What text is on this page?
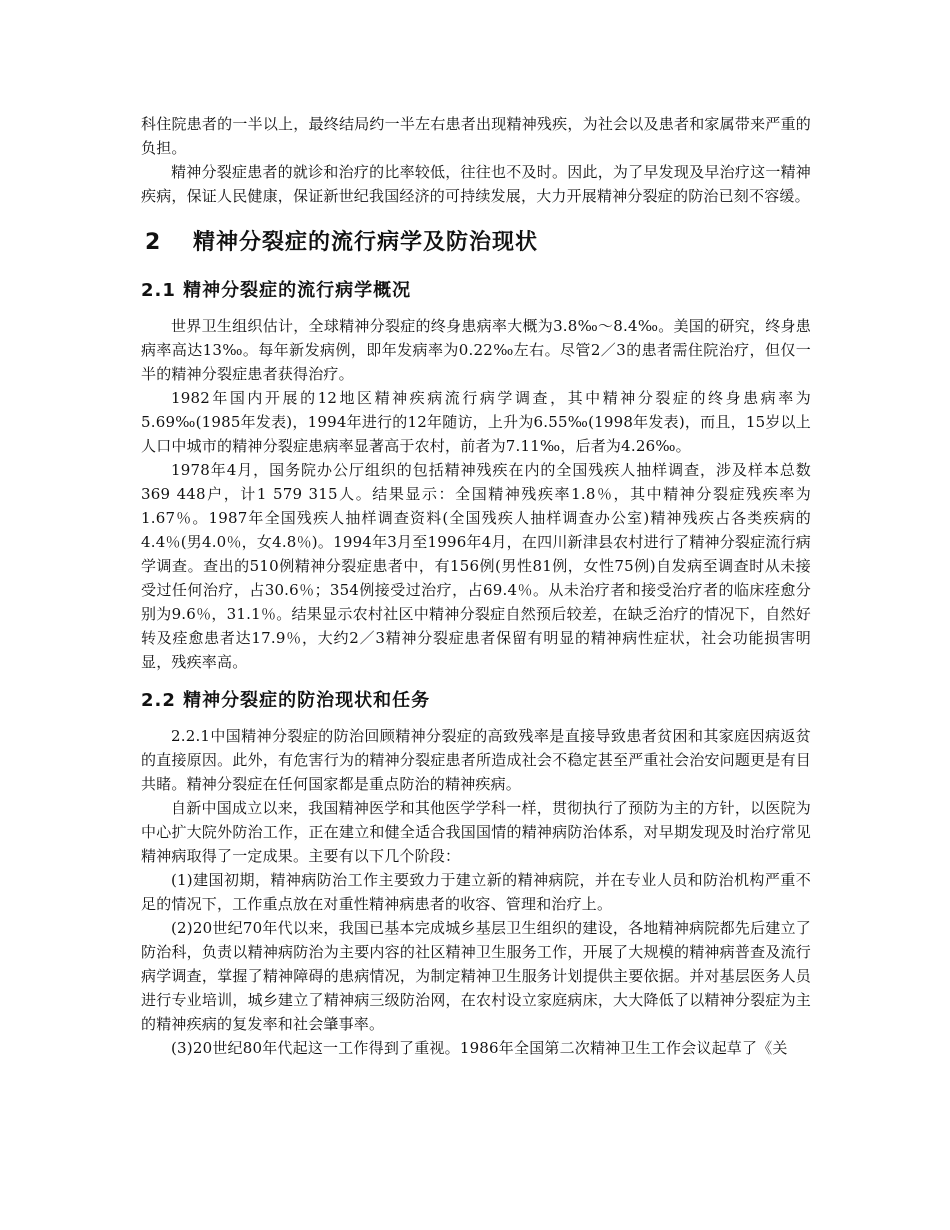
科住院患者的一半以上，最终结局约一半左右患者出现精神残疾，为社会以及患者和家属带来严重的负担。

精神分裂症患者的就诊和治疗的比率较低，往往也不及时。因此，为了早发现及早治疗这一精神疾病，保证人民健康，保证新世纪我国经济的可持续发展，大力开展精神分裂症的防治已刻不容缓。

2 精神分裂症的流行病学及防治现状
2.1 精神分裂症的流行病学概况

世界卫生组织估计，全球精神分裂症的终身患病率大概为3.8‰～8.4‰。美国的研究，终身患病率高达13‰。每年新发病例，即年发病率为0.22‰左右。尽管2／3的患者需住院治疗，但仅一半的精神分裂症患者获得治疗。

1982年国内开展的12地区精神疾病流行病学调查，其中精神分裂症的终身患病率为5.69‰(1985年发表)，1994年进行的12年随访，上升为6.55‰(1998年发表)，而且，15岁以上人口中城市的精神分裂症患病率显著高于农村，前者为7.11‰，后者为4.26‰。

1978年4月，国务院办公厅组织的包括精神残疾在内的全国残疾人抽样调查，涉及样本总数369 448户，计1 579 315人。结果显示：全国精神残疾率1.8％，其中精神分裂症残疾率为1.67％。1987年全国残疾人抽样调查资料(全国残疾人抽样调查办公室)精神残疾占各类疾病的4.4％(男4.0％，女4.8％)。1994年3月至1996年4月，在四川新津县农村进行了精神分裂症流行病学调查。查出的510例精神分裂症患者中，有156例(男性81例，女性75例)自发病至调查时从未接受过任何治疗，占30.6％；354例接受过治疗，占69.4％。从未治疗者和接受治疗者的临床痊愈分别为9.6％，31.1％。结果显示农村社区中精神分裂症自然预后较差，在缺乏治疗的情况下，自然好转及痊愈患者达17.9％，大约2／3精神分裂症患者保留有明显的精神病性症状，社会功能损害明显，残疾率高。

2.2 精神分裂症的防治现状和任务

2.2.1中国精神分裂症的防治回顾精神分裂症的高致残率是直接导致患者贫困和其家庭因病返贫的直接原因。此外，有危害行为的精神分裂症患者所造成社会不稳定甚至严重社会治安问题更是有目共睹。精神分裂症在任何国家都是重点防治的精神疾病。

自新中国成立以来，我国精神医学和其他医学学科一样，贯彻执行了预防为主的方针，以医院为中心扩大院外防治工作，正在建立和健全适合我国国情的精神病防治体系，对早期发现及时治疗常见精神病取得了一定成果。主要有以下几个阶段：

(1)建国初期，精神病防治工作主要致力于建立新的精神病院，并在专业人员和防治机构严重不足的情况下，工作重点放在对重性精神病患者的收容、管理和治疗上。

(2)20世纪70年代以来，我国已基本完成城乡基层卫生组织的建设，各地精神病院都先后建立了防治科，负责以精神病防治为主要内容的社区精神卫生服务工作，开展了大规模的精神病普查及流行病学调查，掌握了精神障碍的患病情况，为制定精神卫生服务计划提供主要依据。并对基层医务人员进行专业培训，城乡建立了精神病三级防治网，在农村设立家庭病床，大大降低了以精神分裂症为主的精神疾病的复发率和社会肇事率。

(3)20世纪80年代起这一工作得到了重视。1986年全国第二次精神卫生工作会议起草了《关
